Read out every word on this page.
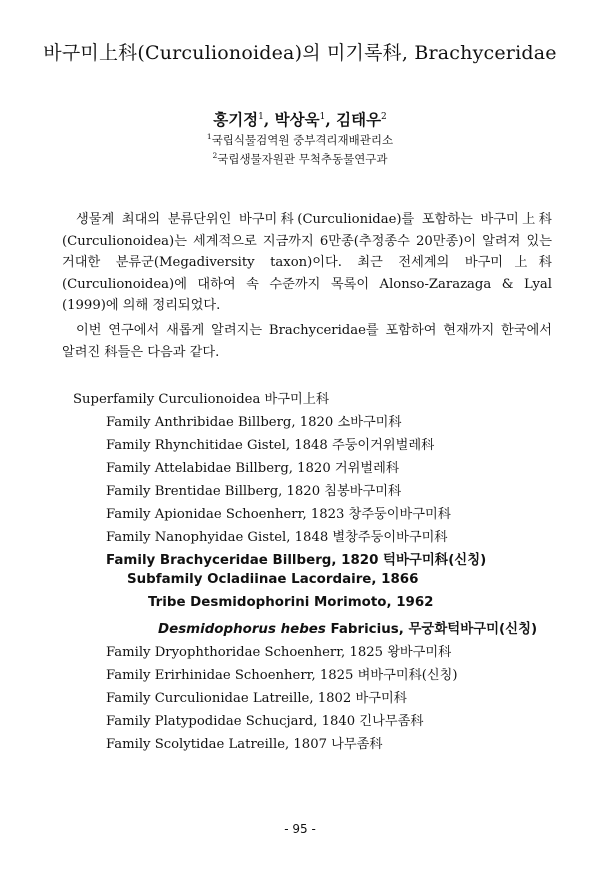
바구미上科(Curculionoidea)의 미기록科, Brachyceridae
홍기정$^1$, 박상욱$^1$, 김태우$^2$
$^1$국립식물검역원 중부격리재배관리소
$^2$국립생물자원관 무척추동물연구과

생물계 최대의 분류단위인 바구미科(Curculionidae)를 포함하는 바구미上科(Curculionoidea)는 세계적으로 지금까지 6만종(추정종수 20만종)이 알려져 있는 거대한 분류군(Megadiversity taxon)이다. 최근 전세계의 바구미上科(Curculionoidea)에 대하여 속 수준까지 목록이 Alonso-Zarazaga & Lyal (1999)에 의해 정리되었다.

이번 연구에서 새롭게 알려지는 Brachyceridae를 포함하여 현재까지 한국에서 알려진 科들은 다음과 같다.

Superfamily Curculionoidea 바구미上科
Family Anthribidae Billberg, 1820 소바구미科
Family Rhynchitidae Gistel, 1848 주둥이거위벌레科
Family Attelabidae Billberg, 1820 거위벌레科
Family Brentidae Billberg, 1820 침봉바구미科
Family Apionidae Schoenherr, 1823 창주둥이바구미科
Family Nanophyidae Gistel, 1848 별창주둥이바구미科
Family Brachyceridae Billberg, 1820 턱바구미科(신칭)
Subfamily Ocladiinae Lacordaire, 1866
Tribe Desmidophorini Morimoto, 1962
Desmidophorus hebes Fabricius, 무궁화턱바구미(신칭)
Family Dryophthoridae Schoenherr, 1825 왕바구미科
Family Erirhinidae Schoenherr, 1825 벼바구미科(신칭)
Family Curculionidae Latreille, 1802 바구미科
Family Platypodidae Schucjard, 1840 긴나무좀科
Family Scolytidae Latreille, 1807 나무좀科
- 95 -
